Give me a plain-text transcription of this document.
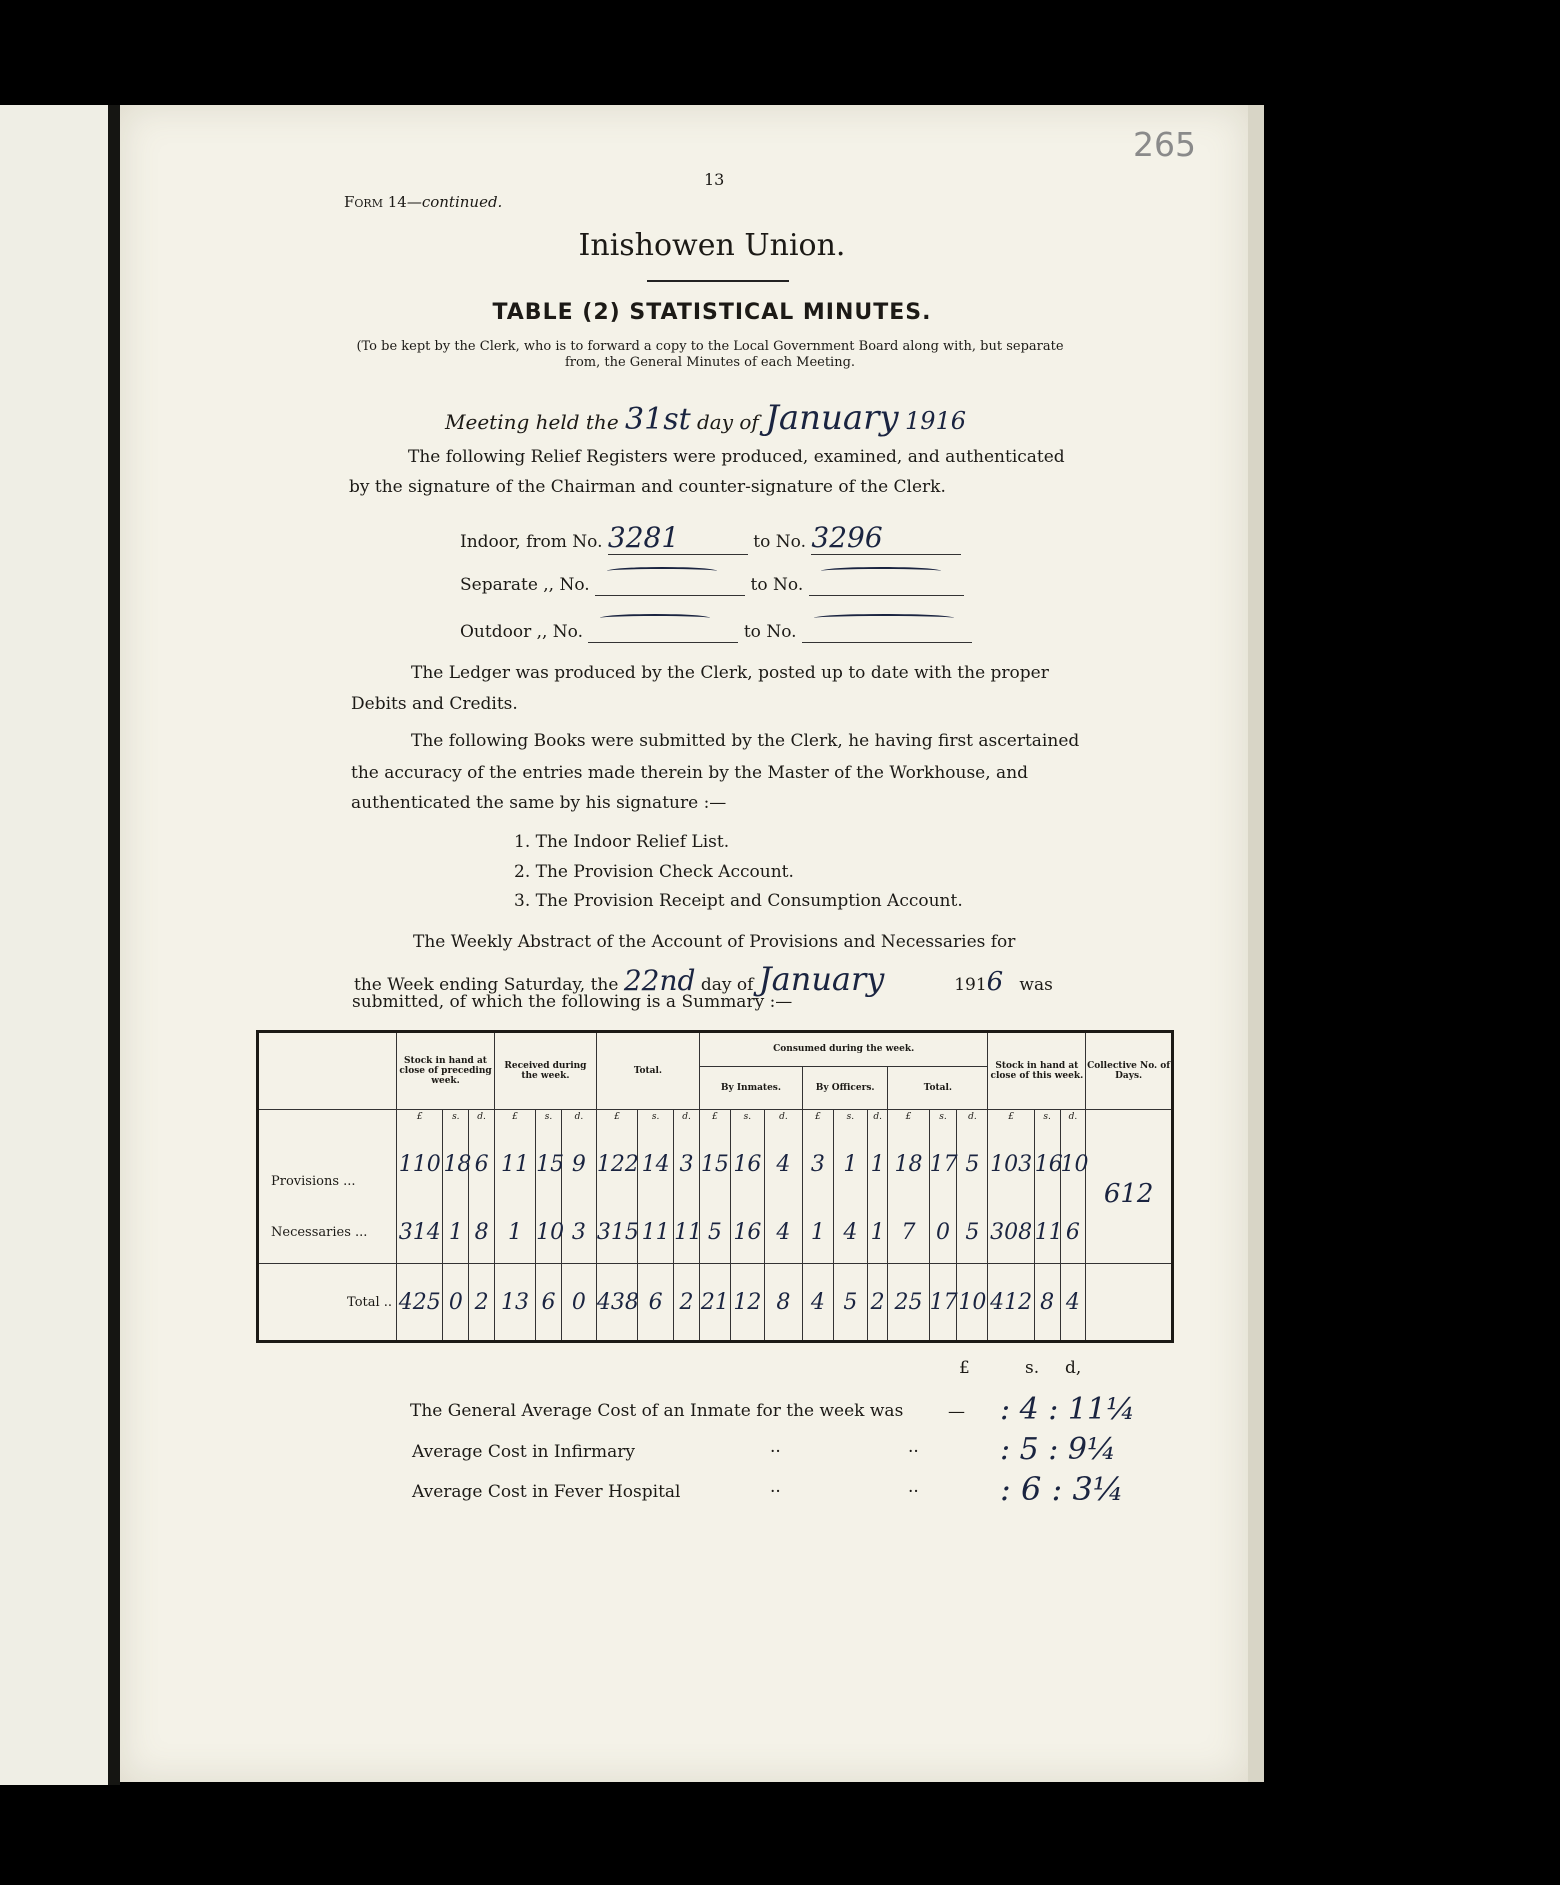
265
13
Form 14—continued.
Inishowen Union.
TABLE (2) STATISTICAL MINUTES.
(To be kept by the Clerk, who is to forward a copy to the Local Government Board along with, but separate from, the General Minutes of each Meeting.
Meeting held the 31st day of January 1916
The following Relief Registers were produced, examined, and authenticated
by the signature of the Chairman and counter-signature of the Clerk.
Indoor, from No. 3281	to No. 3296
Separate ,, No.	to No.

Outdoor ,, No.	to No.

The Ledger was produced by the Clerk, posted up to date with the proper
Debits and Credits.
The following Books were submitted by the Clerk, he having first ascertained
the accuracy of the entries made therein by the Master of the Workhouse, and
authenticated the same by his signature :—
1. The Indoor Relief List.
2. The Provision Check Account.
3. The Provision Receipt and Consumption Account.
The Weekly Abstract of the Account of Provisions and Necessaries for
the Week ending Saturday, the 22nd day of January	1916 was
submitted, of which the following is a Summary :—
	Stock in hand at close of preceding week.			Received during the week.			Total.			Consumed during the week.									Stock in hand at close of this week.			Collective No. of Days.
										By Inmates.			By Officers.			Total.						
	£	s.	d.	£	s.	d.	£	s.	d.	£	s.	d.	£	s.	d.	£	s.	d.	£	s.	d.	
Provisions ...	110	18	6	11	15	9	122	14	3	15	16	4	3	1	1	18	17	5	103	16	10	612
Necessaries ...	314	1	8	1	10	3	315	11	11	5	16	4	1	4	1	7	0	5	308	11	6	
Total ..	425	0	2	13	6	0	438	6	2	21	12	8	4	5	2	25	17	10	412	8	4	
£	s. d,
The General Average Cost of an Inmate for the week was	— : 4 : 11¼
Average Cost in Infirmary	··	··	: 5 : 9¼
Average Cost in Fever Hospital	··	··	: 6 : 3¼
